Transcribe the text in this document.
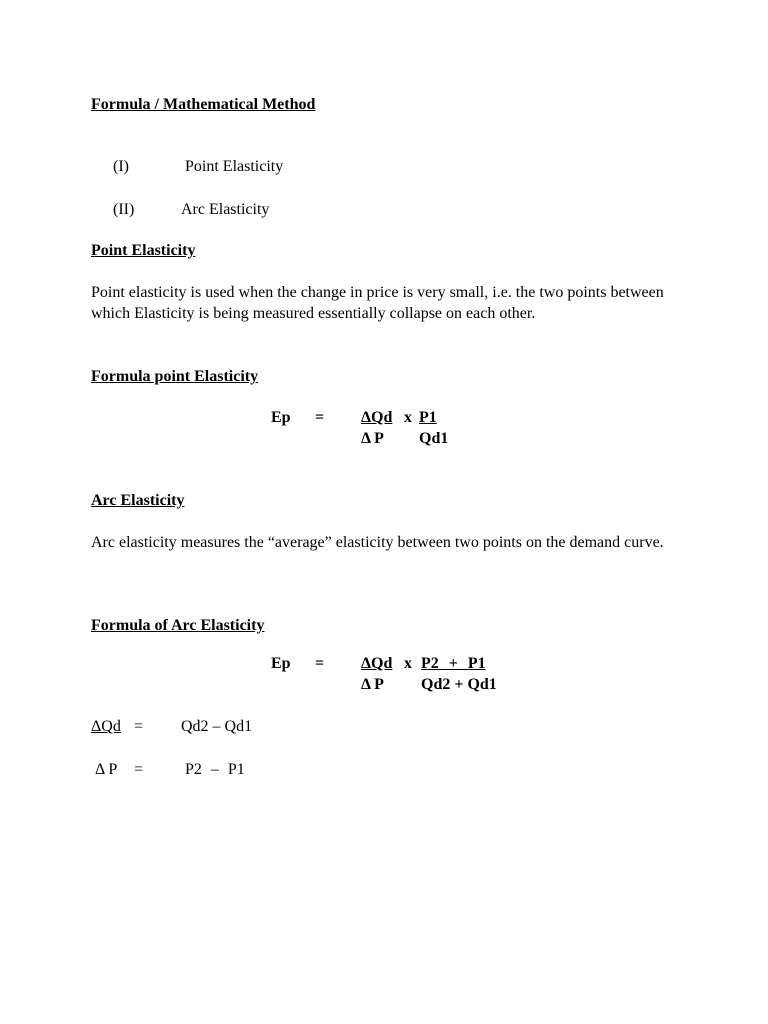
Formula / Mathematical Method
(I)	Point Elasticity
(II)	Arc Elasticity
Point Elasticity
Point elasticity is used when the change in price is very small, i.e. the two points between which Elasticity is being measured essentially collapse on each other.
Formula point Elasticity
Ep = ΔQd x P1
Δ P Qd1
Arc Elasticity
Arc elasticity measures the “average” elasticity between two points on the demand curve.
Formula of Arc Elasticity
Ep = ΔQd x P2 + P1
Δ P Qd2 + Qd1
ΔQd = Qd2 – Qd1
Δ P =	P2 – P1
